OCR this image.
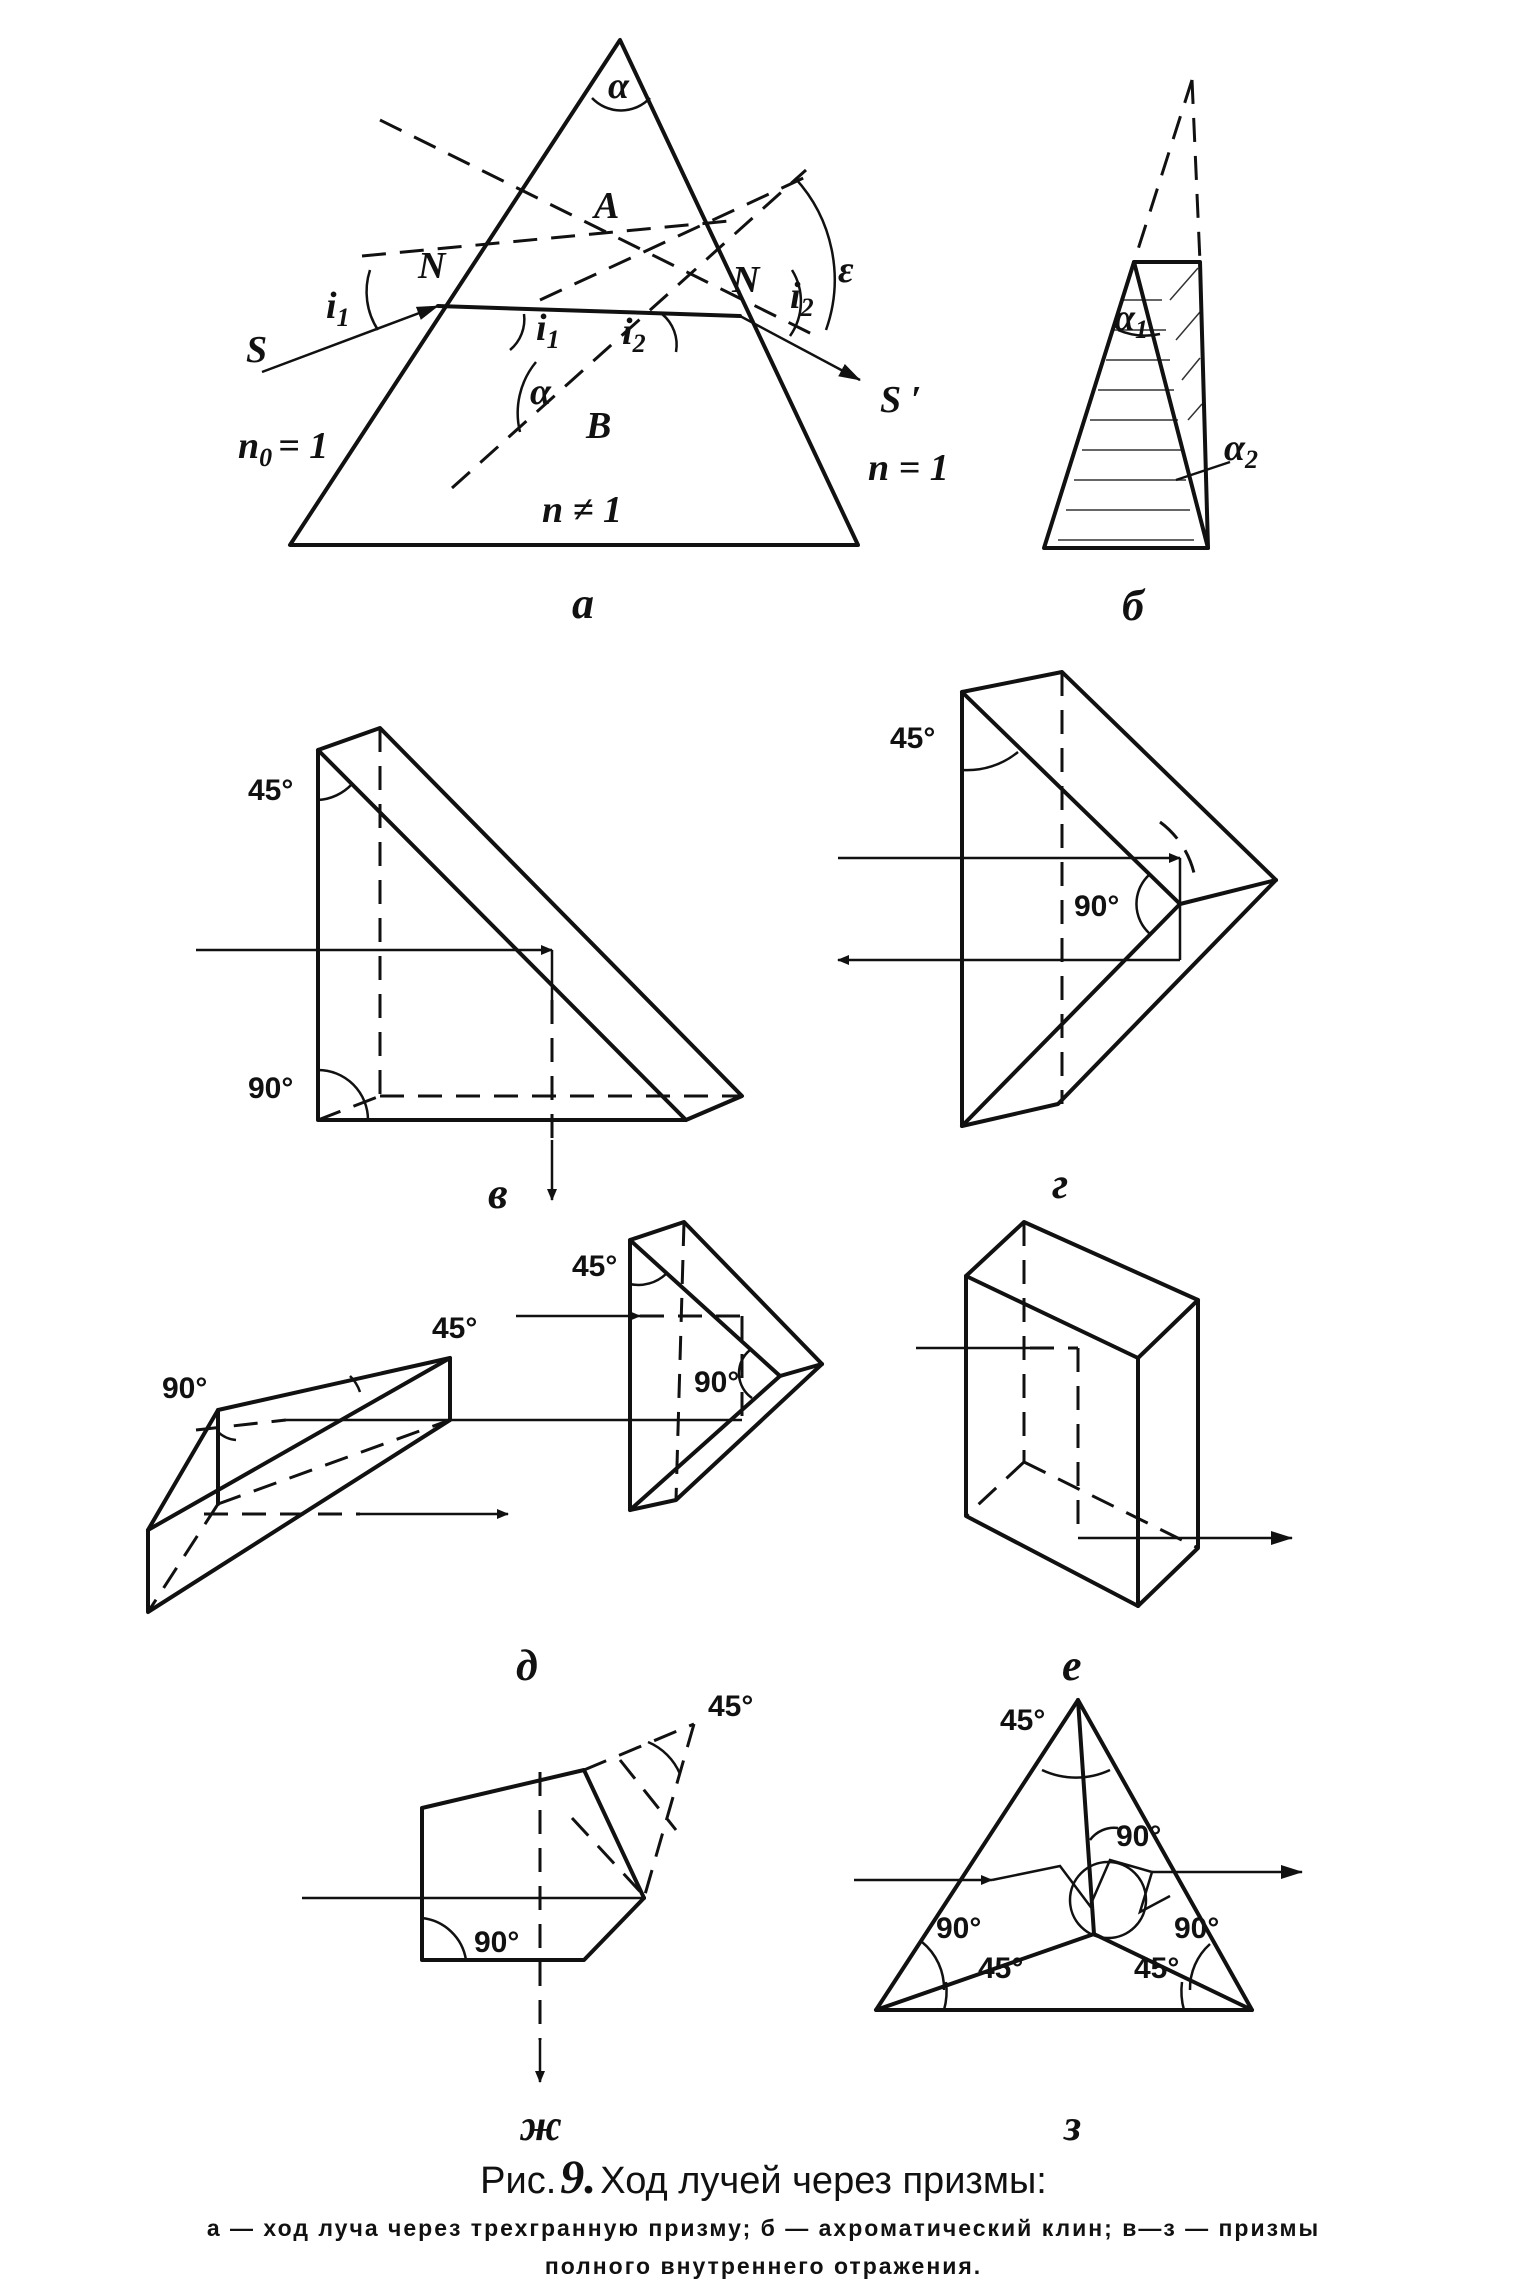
α
A
B
N	N
S
S ′
$i_1$	$i_1$ $i_2$
$i_2$
ε
α
$n_0 = 1$
n = 1
n ≠ 1
а
$\alpha_1$
$\alpha_2$
б
45°
90°
в
45°
90°
г
90°
45°
45°
90°
д	е
45°
90°
ж
45°
90°
90°
45°
90°
45°
з
Рис. 9. Ход лучей через призмы:
а — ход луча через трехгранную призму; б — ахроматический клин; в—з — призмы
полного внутреннего отражения.
